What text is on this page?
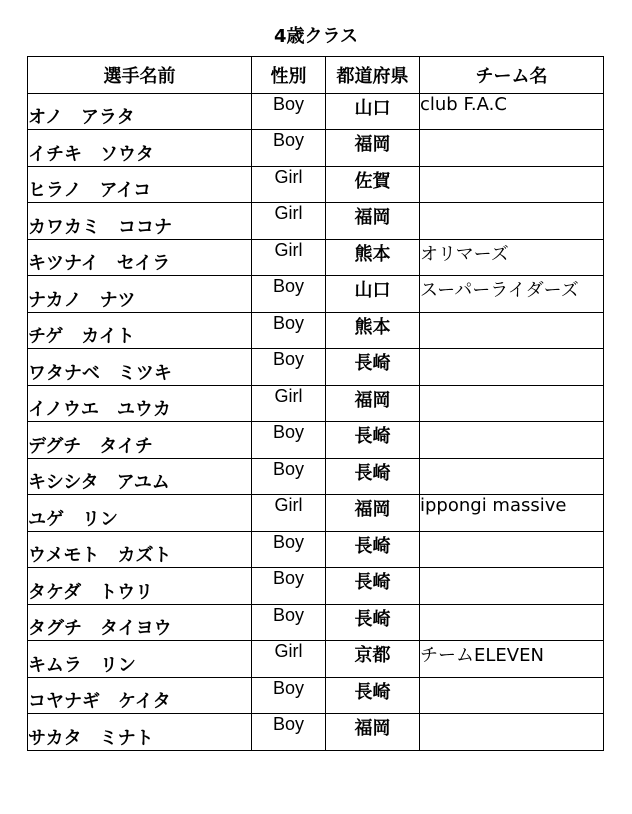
4歳クラス
選手名前	性別	都道府県	チーム名
オノ　アラタ	Boy	山口	club F.A.C
イチキ　ソウタ	Boy	福岡	
ヒラノ　アイコ	Girl	佐賀	
カワカミ　ココナ	Girl	福岡	
キツナイ　セイラ	Girl	熊本	オリマーズ
ナカノ　ナツ	Boy	山口	スーパーライダーズ
チゲ　カイト	Boy	熊本	
ワタナベ　ミツキ	Boy	長崎	
イノウエ　ユウカ	Girl	福岡	
デグチ　タイチ	Boy	長崎	
キシシタ　アユム	Boy	長崎	
ユゲ　リン	Girl	福岡	ippongi massive
ウメモト　カズト	Boy	長崎	
タケダ　トウリ	Boy	長崎	
タグチ　タイヨウ	Boy	長崎	
キムラ　リン	Girl	京都	チームELEVEN
コヤナギ　ケイタ	Boy	長崎	
サカタ　ミナト	Boy	福岡	
